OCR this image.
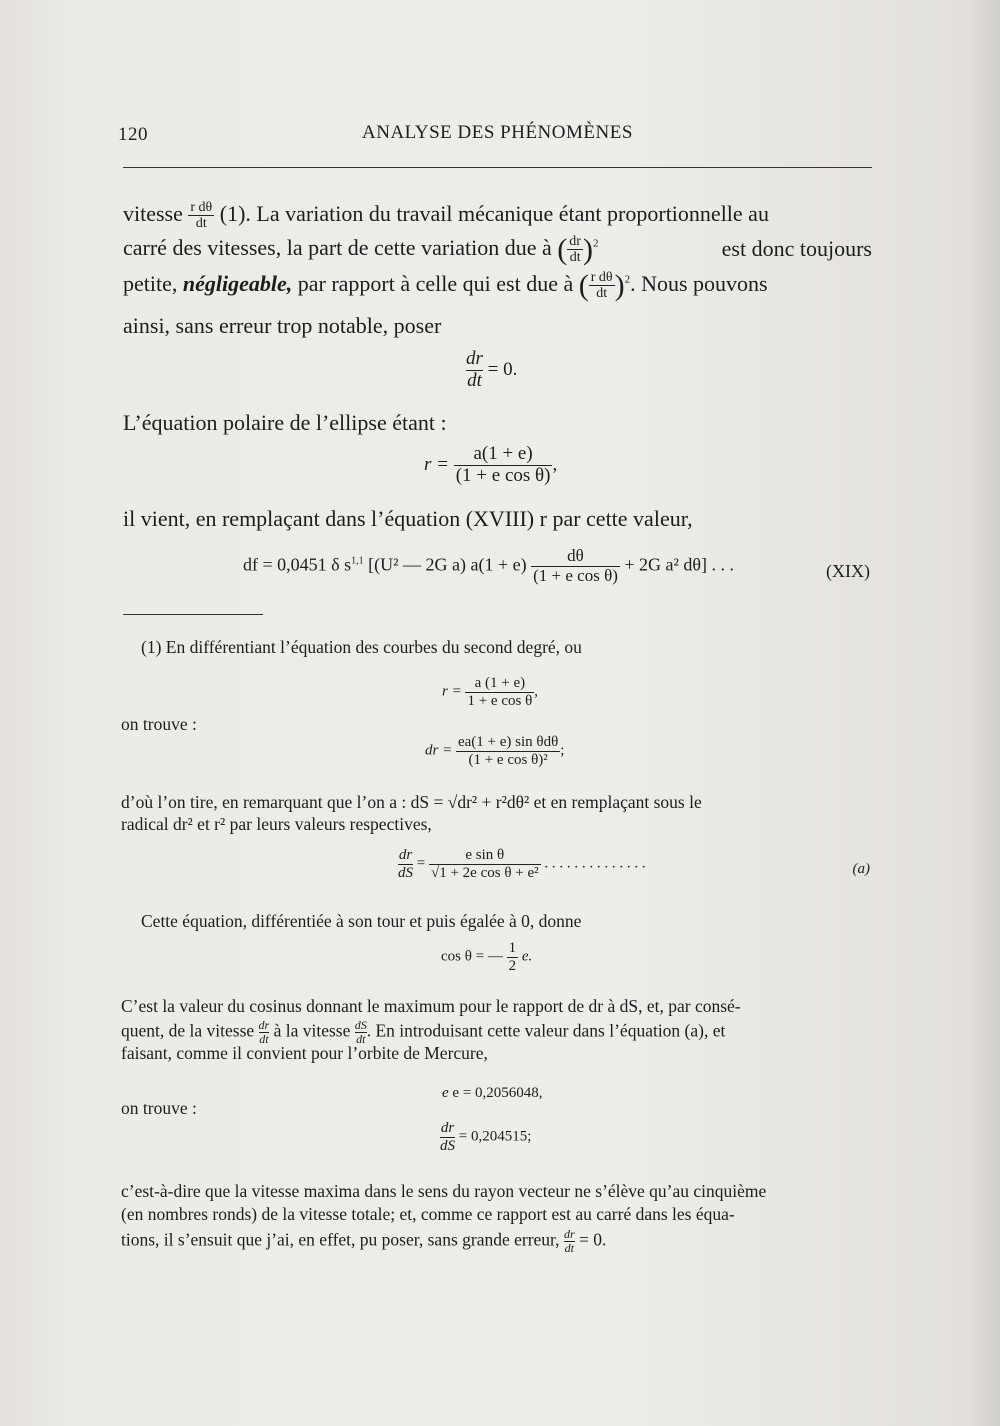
120	ANALYSE DES PHÉNOMÈNES
vitesse $\frac{\text{r dθ}}{dt} (1)$. La variation du travail mécanique étant proportionnelle au
carré des vitesses, la part de cette variation due à ( $\frac{dr}{dt} )^2$	est donc toujours
petite, négligeable, par rapport à celle qui est due à ( $\frac{\text{r dθ}}{dt} )^2$. Nous pouvons
ainsi, sans erreur trop notable, poser
$\frac{dr}{dt} = 0$.
L’équation polaire de l’ellipse étant :
$r = \frac{a(1 + e)}{\text{(1 + e cos θ)}}$ ,
il vient, en remplaçant dans l’équation (XVIII) r par cette valeur,
df = 0,0451 δ $s^{1,1}$ [(U² — 2G a) $a(1 + e) \frac{d\theta}{\text{(1 + e cos θ)}} + 2G$ a² dθ] . . .	(XIX)
(1) En différentiant l’équation des courbes du second degré, ou
$r = \frac{a (1 + e)}{\text{1 + e cos θ}}$ ,
on trouve :
dr = $\frac{\text{ea(1 + e) sin θdθ}}{\text{(1 + e cos θ)²}}$ ;
d’où l’on tire, en remarquant que l’on a : dS = √dr² + r²dθ² et en remplaçant sous le
radical dr² et r² par leurs valeurs respectives,
$\frac{dr}{dS} = \frac{\text{e sin θ}}{\text{√1 + 2e cos θ + e²}}$ . . . . . . . . . . . . . .	(a)
Cette équation, différentiée à son tour et puis égalée à 0, donne
cos θ = — $\frac{1}{2} e$.
C’est la valeur du cosinus donnant le maximum pour le rapport de dr à dS, et, par consé-
quent, de la vitesse $\frac{dr}{dt}$ à la vitesse $\frac{dS}{dt}$ . En introduisant cette valeur dans l’équation (a), et
faisant, comme il convient pour l’orbite de Mercure,
e e = 0,2056048,
on trouve :
$\frac{dr}{dS} = 0,204515$;
c’est-à-dire que la vitesse maxima dans le sens du rayon vecteur ne s’élève qu’au cinquième
(en nombres ronds) de la vitesse totale; et, comme ce rapport est au carré dans les équa-
tions, il s’ensuit que j’ai, en effet, pu poser, sans grande erreur, $\frac{dr}{dt} = 0$.
